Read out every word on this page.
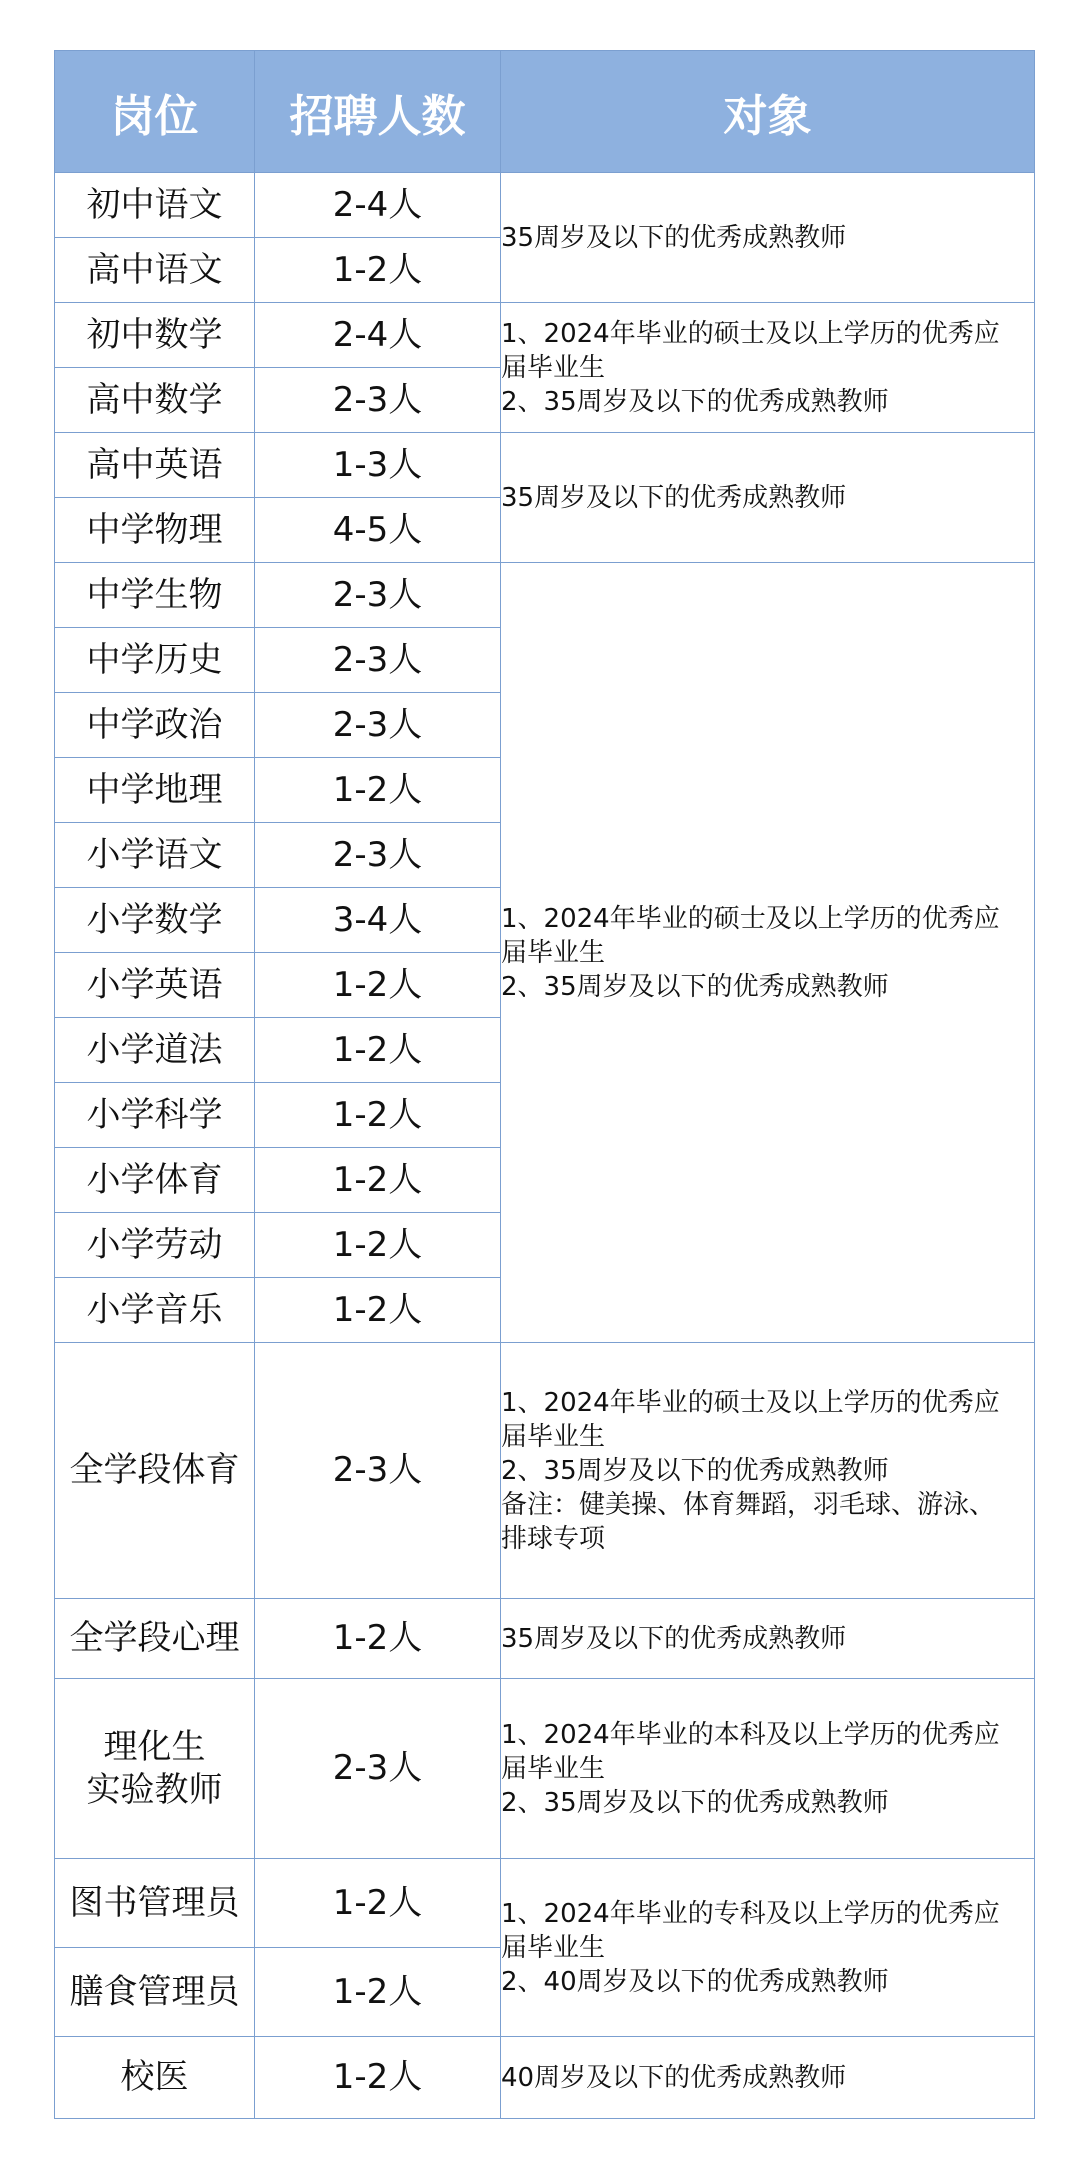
岗位	招聘人数	对象
初中语文	2-4人	35周岁及以下的优秀成熟教师

高中语文	1-2人	
初中数学	2-4人	1、2024年毕业的硕士及以上学历的优秀应
届毕业生
2、35周岁及以下的优秀成熟教师

高中数学	2-3人	
高中英语	1-3人	35周岁及以下的优秀成熟教师

中学物理	4-5人	
中学生物	2-3人	1、2024年毕业的硕士及以上学历的优秀应
届毕业生
2、35周岁及以下的优秀成熟教师

中学历史	2-3人	
中学政治	2-3人	
中学地理	1-2人	
小学语文	2-3人	
小学数学	3-4人	
小学英语	1-2人	
小学道法	1-2人	
小学科学	1-2人	
小学体育	1-2人	
小学劳动	1-2人	
小学音乐	1-2人	
全学段体育	2-3人	1、2024年毕业的硕士及以上学历的优秀应
届毕业生
2、35周岁及以下的优秀成熟教师
备注：健美操、体育舞蹈，羽毛球、游泳、
排球专项

全学段心理	1-2人	35周岁及以下的优秀成熟教师

理化生
实验教师	2-3人	1、2024年毕业的本科及以上学历的优秀应
届毕业生
2、35周岁及以下的优秀成熟教师

图书管理员	1-2人	1、2024年毕业的专科及以上学历的优秀应
届毕业生
2、40周岁及以下的优秀成熟教师

膳食管理员	1-2人	
校医	1-2人	40周岁及以下的优秀成熟教师
